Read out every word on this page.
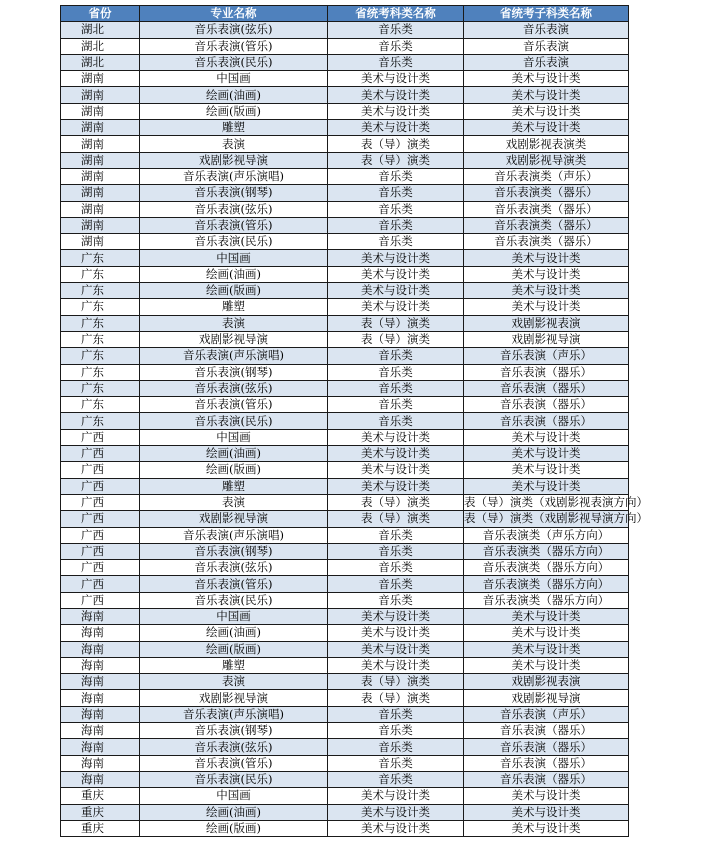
省份	专业名称	省统考科类名称	省统考子科类名称
湖北	音乐表演(弦乐)	音乐类	音乐表演
湖北	音乐表演(管乐)	音乐类	音乐表演
湖北	音乐表演(民乐)	音乐类	音乐表演
湖南	中国画	美术与设计类	美术与设计类
湖南	绘画(油画)	美术与设计类	美术与设计类
湖南	绘画(版画)	美术与设计类	美术与设计类
湖南	雕塑	美术与设计类	美术与设计类
湖南	表演	表（导）演类	戏剧影视表演类
湖南	戏剧影视导演	表（导）演类	戏剧影视导演类
湖南	音乐表演(声乐演唱)	音乐类	音乐表演类（声乐）
湖南	音乐表演(钢琴)	音乐类	音乐表演类（器乐）
湖南	音乐表演(弦乐)	音乐类	音乐表演类（器乐）
湖南	音乐表演(管乐)	音乐类	音乐表演类（器乐）
湖南	音乐表演(民乐)	音乐类	音乐表演类（器乐）
广东	中国画	美术与设计类	美术与设计类
广东	绘画(油画)	美术与设计类	美术与设计类
广东	绘画(版画)	美术与设计类	美术与设计类
广东	雕塑	美术与设计类	美术与设计类
广东	表演	表（导）演类	戏剧影视表演
广东	戏剧影视导演	表（导）演类	戏剧影视导演
广东	音乐表演(声乐演唱)	音乐类	音乐表演（声乐）
广东	音乐表演(钢琴)	音乐类	音乐表演（器乐）
广东	音乐表演(弦乐)	音乐类	音乐表演（器乐）
广东	音乐表演(管乐)	音乐类	音乐表演（器乐）
广东	音乐表演(民乐)	音乐类	音乐表演（器乐）
广西	中国画	美术与设计类	美术与设计类
广西	绘画(油画)	美术与设计类	美术与设计类
广西	绘画(版画)	美术与设计类	美术与设计类
广西	雕塑	美术与设计类	美术与设计类
广西	表演	表（导）演类	表（导）演类（戏剧影视表演方向）
广西	戏剧影视导演	表（导）演类	表（导）演类（戏剧影视导演方向）
广西	音乐表演(声乐演唱)	音乐类	音乐表演类（声乐方向）
广西	音乐表演(钢琴)	音乐类	音乐表演类（器乐方向）
广西	音乐表演(弦乐)	音乐类	音乐表演类（器乐方向）
广西	音乐表演(管乐)	音乐类	音乐表演类（器乐方向）
广西	音乐表演(民乐)	音乐类	音乐表演类（器乐方向）
海南	中国画	美术与设计类	美术与设计类
海南	绘画(油画)	美术与设计类	美术与设计类
海南	绘画(版画)	美术与设计类	美术与设计类
海南	雕塑	美术与设计类	美术与设计类
海南	表演	表（导）演类	戏剧影视表演
海南	戏剧影视导演	表（导）演类	戏剧影视导演
海南	音乐表演(声乐演唱)	音乐类	音乐表演（声乐）
海南	音乐表演(钢琴)	音乐类	音乐表演（器乐）
海南	音乐表演(弦乐)	音乐类	音乐表演（器乐）
海南	音乐表演(管乐)	音乐类	音乐表演（器乐）
海南	音乐表演(民乐)	音乐类	音乐表演（器乐）
重庆	中国画	美术与设计类	美术与设计类
重庆	绘画(油画)	美术与设计类	美术与设计类
重庆	绘画(版画)	美术与设计类	美术与设计类
